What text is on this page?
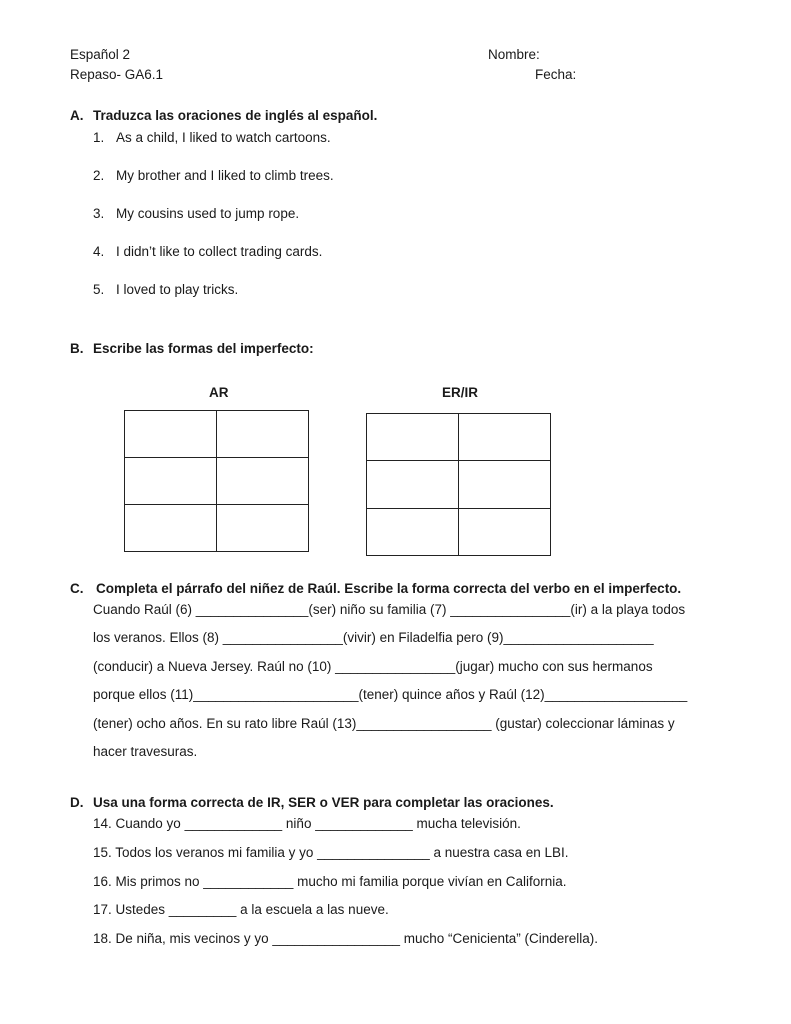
Español 2
Repaso- GA6.1
Nombre:
Fecha:
A. Traduzca las oraciones de inglés al español.
1. As a child, I liked to watch cartoons.
2. My brother and I liked to climb trees.
3. My cousins used to jump rope.
4. I didn’t like to collect trading cards.
5. I loved to play tricks.
B. Escribe las formas del imperfecto:
AR	ER/IR

C. Completa el párrafo del niñez de Raúl. Escribe la forma correcta del verbo en el imperfecto.
Cuando Raúl (6) _______________(ser) niño su familia (7) ________________(ir) a la playa todos
los veranos. Ellos (8) ________________(vivir) en Filadelfia pero (9)____________________
(conducir) a Nueva Jersey. Raúl no (10) ________________(jugar) mucho con sus hermanos
porque ellos (11)______________________(tener) quince años y Raúl (12)___________________
(tener) ocho años. En su rato libre Raúl (13)__________________ (gustar) coleccionar láminas y
hacer travesuras.
D. Usa una forma correcta de IR, SER o VER para completar las oraciones.
14. Cuando yo _____________ niño _____________ mucha televisión.
15. Todos los veranos mi familia y yo _______________ a nuestra casa en LBI.
16. Mis primos no ____________ mucho mi familia porque vivían en California.
17. Ustedes _________ a la escuela a las nueve.
18. De niña, mis vecinos y yo _________________ mucho “Cenicienta” (Cinderella).
